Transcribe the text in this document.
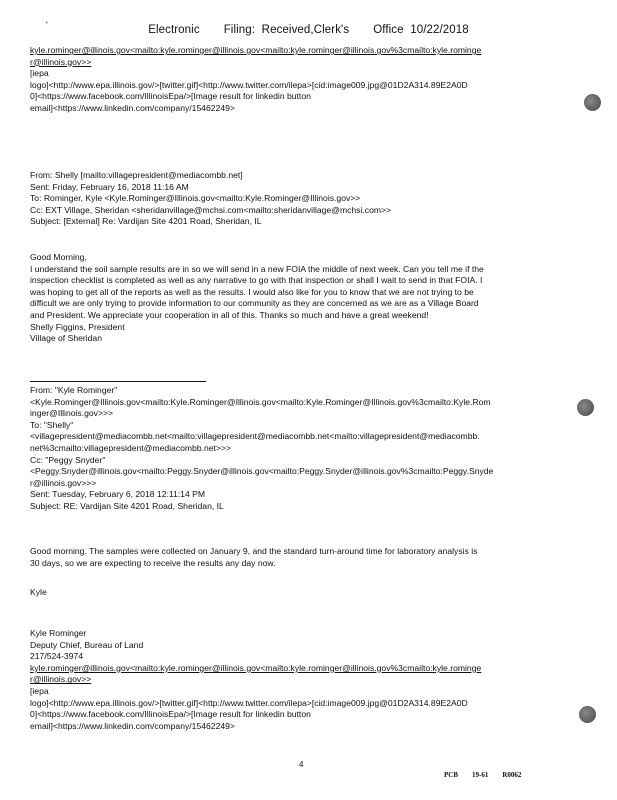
'	Electronic Filing: Received,Clerk's Office 10/22/2018
kyle.rominger@illinois.gov<mailto:kyle.rominger@illinois.gov<mailto:kyle.rominger@illinois.gov%3cmailto:kyle.rominge
r@illinois.gov>>
[iepa
logo]<http://www.epa.illinois.gov/>[twitter.gif]<http://www.twitter.com/ilepa>[cid:image009.jpg@01D2A314.89E2A0D
0]<https://www.facebook.com/IllinoisEpa/>[Image result for linkedin button
email]<https://www.linkedin.com/company/15462249>
From: Shelly [mailto:villagepresident@mediacombb.net]
Sent: Friday, February 16, 2018 11:16 AM
To: Rominger, Kyle <Kyle.Rominger@Illinois.gov<mailto:Kyle.Rominger@Illinois.gov>>
Cc: EXT Village, Sheridan <sheridanvillage@mchsi.com<mailto:sheridanvillage@mchsi.com>>
Subject: [External] Re: Vardijan Site 4201 Road, Sheridan, IL
Good Morning,
I understand the soil sample results are in so we will send in a new FOIA the middle of next week. Can you tell me if the
inspection checklist is completed as well as any narrative to go with that inspection or shall I wait to send in that FOIA. I
was hoping to get all of the reports as well as the results. I would also like for you to know that we are not trying to be
difficult we are only trying to provide information to our community as they are concerned as we are as a Village Board
and President. We appreciate your cooperation in all of this. Thanks so much and have a great weekend!
Shelly Figgins, President
Village of Sheridan
From: "Kyle Rominger"
<Kyle.Rominger@Illinois.gov<mailto:Kyle.Rominger@Illinois.gov<mailto:Kyle.Rominger@Illinois.gov%3cmailto:Kyle.Rom
inger@Illinois.gov>>>
To: "Shelly"
<villagepresident@mediacombb.net<mailto:villagepresident@mediacombb.net<mailto:villagepresident@mediacombb.
net%3cmailto:villagepresident@mediacombb.net>>>
Cc: "Peggy Snyder"
<Peggy.Snyder@illinois.gov<mailto:Peggy.Snyder@illinois.gov<mailto:Peggy.Snyder@illinois.gov%3cmailto:Peggy.Snyde
r@illinois.gov>>>
Sent: Tuesday, February 6, 2018 12:11:14 PM
Subject: RE: Vardijan Site 4201 Road, Sheridan, IL
Good morning. The samples were collected on January 9, and the standard turn-around time for laboratory analysis is
30 days, so we are expecting to receive the results any day now.
Kyle
Kyle Rominger
Deputy Chief, Bureau of Land
217/524-3974
kyle.rominger@illinois.gov<mailto:kyle.rominger@illinois.gov<mailto:kyle.rominger@illinois.gov%3cmailto:kyle.rominge
r@illinois.gov>>
[iepa
logo]<http://www.epa.illinois.gov/>[twitter.gif]<http://www.twitter.com/ilepa>[cid:image009.jpg@01D2A314.89E2A0D
0]<https://www.facebook.com/IllinoisEpa/>[Image result for linkedin button
email]<https://www.linkedin.com/company/15462249>
4
PCB 19-61 R0062
